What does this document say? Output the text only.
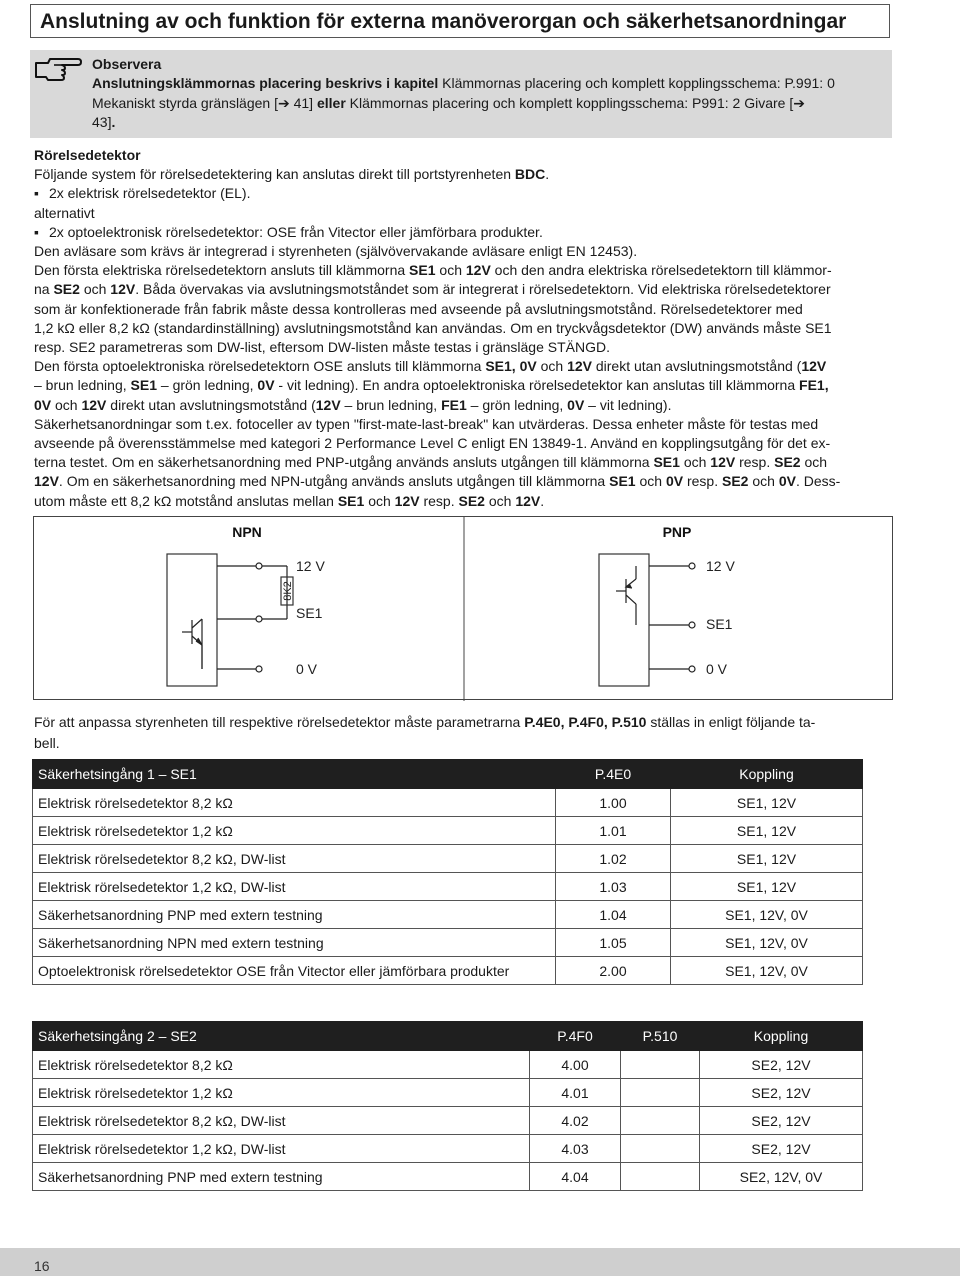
Anslutning av och funktion för externa manöverorgan och säkerhetsanordningar
Observera
Anslutningsklämmornas placering beskrivs i kapitel Klämmornas placering och komplett kopplingsschema: P.991: 0
Mekaniskt styrda gränslägen [➔ 41] eller Klämmornas placering och komplett kopplingsschema: P991: 2 Givare [➔
43].

Rörelsedetektor

Följande system för rörelsedetektering kan anslutas direkt till portstyrenheten BDC.

▪ 2x elektrisk rörelsedetektor (EL).

alternativt

▪ 2x optoelektronisk rörelsedetektor: OSE från Vitector eller jämförbara produkter.

Den avläsare som krävs är integrerad i styrenheten (självövervakande avläsare enligt EN 12453).

Den första elektriska rörelsedetektorn ansluts till klämmorna SE1 och 12V och den andra elektriska rörelsedetektorn till klämmor-

na SE2 och 12V. Båda övervakas via avslutningsmotståndet som är integrerat i rörelsedetektorn. Vid elektriska rörelsedetektorer

som är konfektionerade från fabrik måste dessa kontrolleras med avseende på avslutningsmotstånd. Rörelsedetektorer med

1,2 kΩ eller 8,2 kΩ (standardinställning) avslutningsmotstånd kan användas. Om en tryckvågsdetektor (DW) används måste SE1

resp. SE2 parametreras som DW-list, eftersom DW-listen måste testas i gränsläge STÄNGD.

Den första optoelektroniska rörelsedetektorn OSE ansluts till klämmorna SE1, 0V och 12V direkt utan avslutningsmotstånd (12V

– brun ledning, SE1 – grön ledning, 0V - vit ledning). En andra optoelektroniska rörelsedetektor kan anslutas till klämmorna FE1,

0V och 12V direkt utan avslutningsmotstånd (12V – brun ledning, FE1 – grön ledning, 0V – vit ledning).

Säkerhetsanordningar som t.ex. fotoceller av typen "first-mate-last-break" kan utvärderas. Dessa enheter måste för testas med

avseende på överensstämmelse med kategori 2 Performance Level C enligt EN 13849-1. Använd en kopplingsutgång för det ex-

terna testet. Om en säkerhetsanordning med PNP-utgång används ansluts utgången till klämmorna SE1 och 12V resp. SE2 och

12V. Om en säkerhetsanordning med NPN-utgång används ansluts utgången till klämmorna SE1 och 0V resp. SE2 och 0V. Dess-

utom måste ett 8,2 kΩ motstånd anslutas mellan SE1 och 12V resp. SE2 och 12V.

NPN	PNP
8K2
12 V
SE1
0 V
12 V
SE1
0 V
För att anpassa styrenheten till respektive rörelsedetektor måste parametrarna P.4E0, P.4F0, P.510 ställas in enligt följande ta-
bell.
Säkerhetsingång 1 – SE1	P.4E0	Koppling
Elektrisk rörelsedetektor 8,2 kΩ	1.00	SE1, 12V
Elektrisk rörelsedetektor 1,2 kΩ	1.01	SE1, 12V
Elektrisk rörelsedetektor 8,2 kΩ, DW-list	1.02	SE1, 12V
Elektrisk rörelsedetektor 1,2 kΩ, DW-list	1.03	SE1, 12V
Säkerhetsanordning PNP med extern testning	1.04	SE1, 12V, 0V
Säkerhetsanordning NPN med extern testning	1.05	SE1, 12V, 0V
Optoelektronisk rörelsedetektor OSE från Vitector eller jämförbara produkter	2.00	SE1, 12V, 0V
Säkerhetsingång 2 – SE2	P.4F0	P.510	Koppling
Elektrisk rörelsedetektor 8,2 kΩ	4.00		SE2, 12V
Elektrisk rörelsedetektor 1,2 kΩ	4.01		SE2, 12V
Elektrisk rörelsedetektor 8,2 kΩ, DW-list	4.02		SE2, 12V
Elektrisk rörelsedetektor 1,2 kΩ, DW-list	4.03		SE2, 12V
Säkerhetsanordning PNP med extern testning	4.04		SE2, 12V, 0V
16
